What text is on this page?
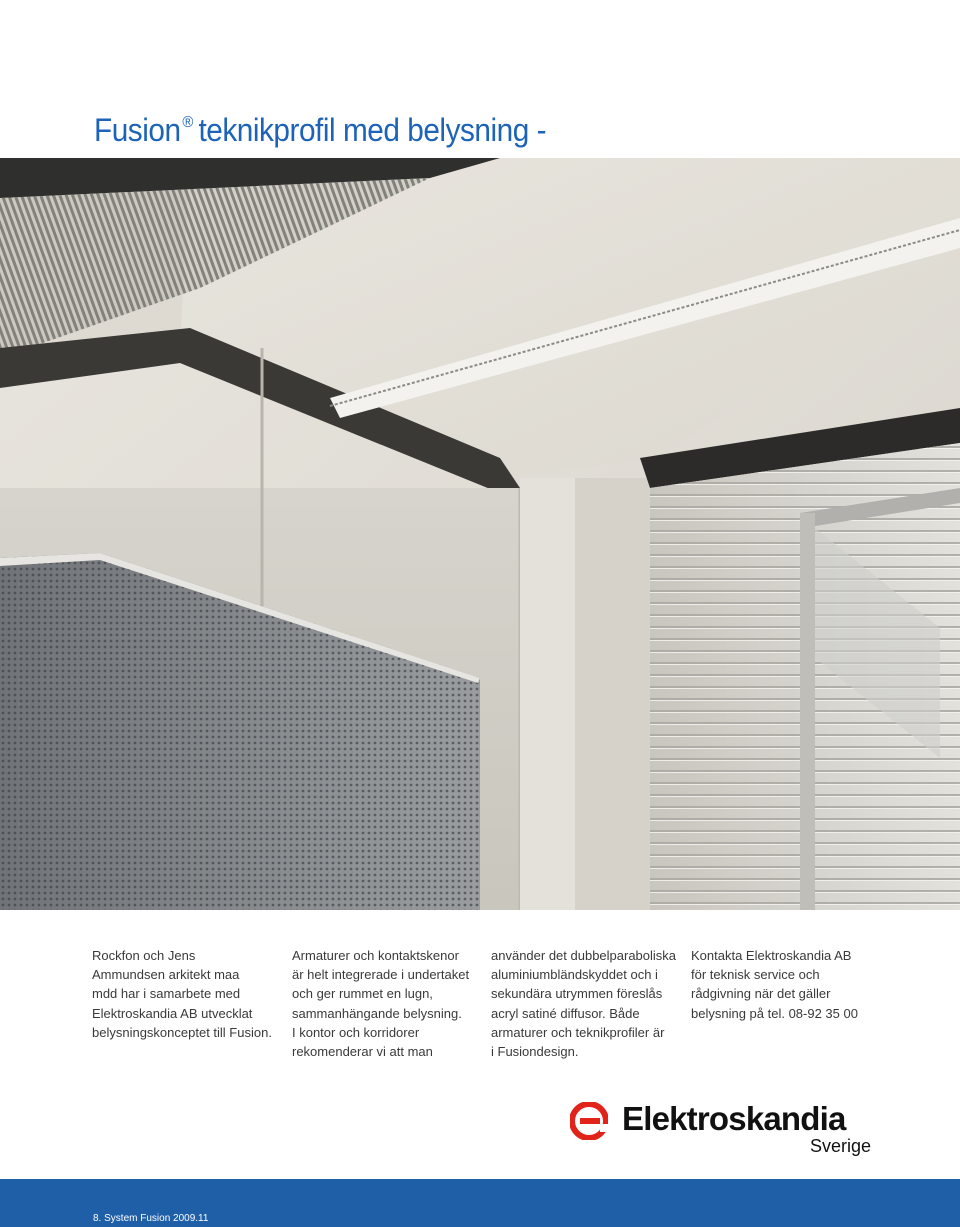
Fusion ® teknikprofil med belysning -
Rockfon och Jens
Ammundsen arkitekt maa
mdd har i samarbete med
Elektroskandia AB utvecklat
belysningskonceptet till Fusion.
Armaturer och kontaktskenor
är helt integrerade i undertaket
och ger rummet en lugn,
sammanhängande belysning.
I kontor och korridorer
rekomenderar vi att man
använder det dubbelparaboliska
aluminiumbländskyddet och i
sekundära utrymmen föreslås
acryl satiné diffusor. Både
armaturer och teknikprofiler är
i Fusiondesign.
Kontakta Elektroskandia AB
för teknisk service och
rådgivning när det gäller
belysning på tel. 08-92 35 00
Elektroskandia
Sverige
8. System Fusion 2009.11
